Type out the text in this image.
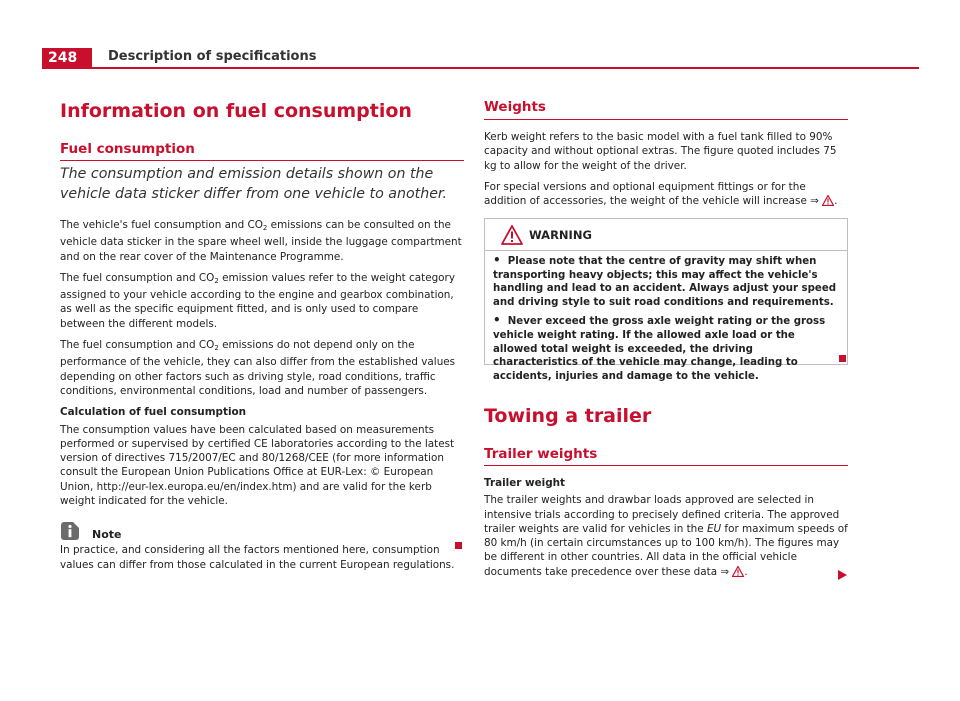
248	Description of specifications
Information on fuel consumption
Fuel consumption
The consumption and emission details shown on the vehicle data sticker differ from one vehicle to another.

The vehicle's fuel consumption and $CO_2$ emissions can be consulted on the vehicle data sticker in the spare wheel well, inside the luggage compartment and on the rear cover of the Maintenance Programme.

The fuel consumption and $CO_2$ emission values refer to the weight category assigned to your vehicle according to the engine and gearbox combination, as well as the specific equipment fitted, and is only used to compare between the different models.

The fuel consumption and $CO_2$ emissions do not depend only on the performance of the vehicle, they can also differ from the established values depending on other factors such as driving style, road conditions, traffic conditions, environmental conditions, load and number of passengers.

Calculation of fuel consumption

The consumption values have been calculated based on measurements performed or supervised by certified CE laboratories according to the latest version of directives 715/2007/EC and 80/1268/CEE (for more information consult the European Union Publications Office at EUR-Lex: © European Union, http://eur-lex.europa.eu/en/index.htm) and are valid for the kerb weight indicated for the vehicle.

Note

In practice, and considering all the factors mentioned here, consumption values can differ from those calculated in the current European regulations.

Weights

Kerb weight refers to the basic model with a fuel tank filled to 90% capacity and without optional extras. The figure quoted includes 75 kg to allow for the weight of the driver.

For special versions and optional equipment fittings or for the addition of accessories, the weight of the vehicle will increase ⇒ .

WARNING
• Please note that the centre of gravity may shift when transporting heavy objects; this may affect the vehicle's handling and lead to an accident. Always adjust your speed and driving style to suit road conditions and requirements.
• Never exceed the gross axle weight rating or the gross vehicle weight rating. If the allowed axle load or the allowed total weight is exceeded, the driving characteristics of the vehicle may change, leading to accidents, injuries and damage to the vehicle.
Towing a trailer
Trailer weights

Trailer weight

The trailer weights and drawbar loads approved are selected in intensive trials according to precisely defined criteria. The approved trailer weights are valid for vehicles in the EU for maximum speeds of 80 km/h (in certain circumstances up to 100 km/h). The figures may be different in other countries. All data in the official vehicle documents take precedence over these data ⇒ .
